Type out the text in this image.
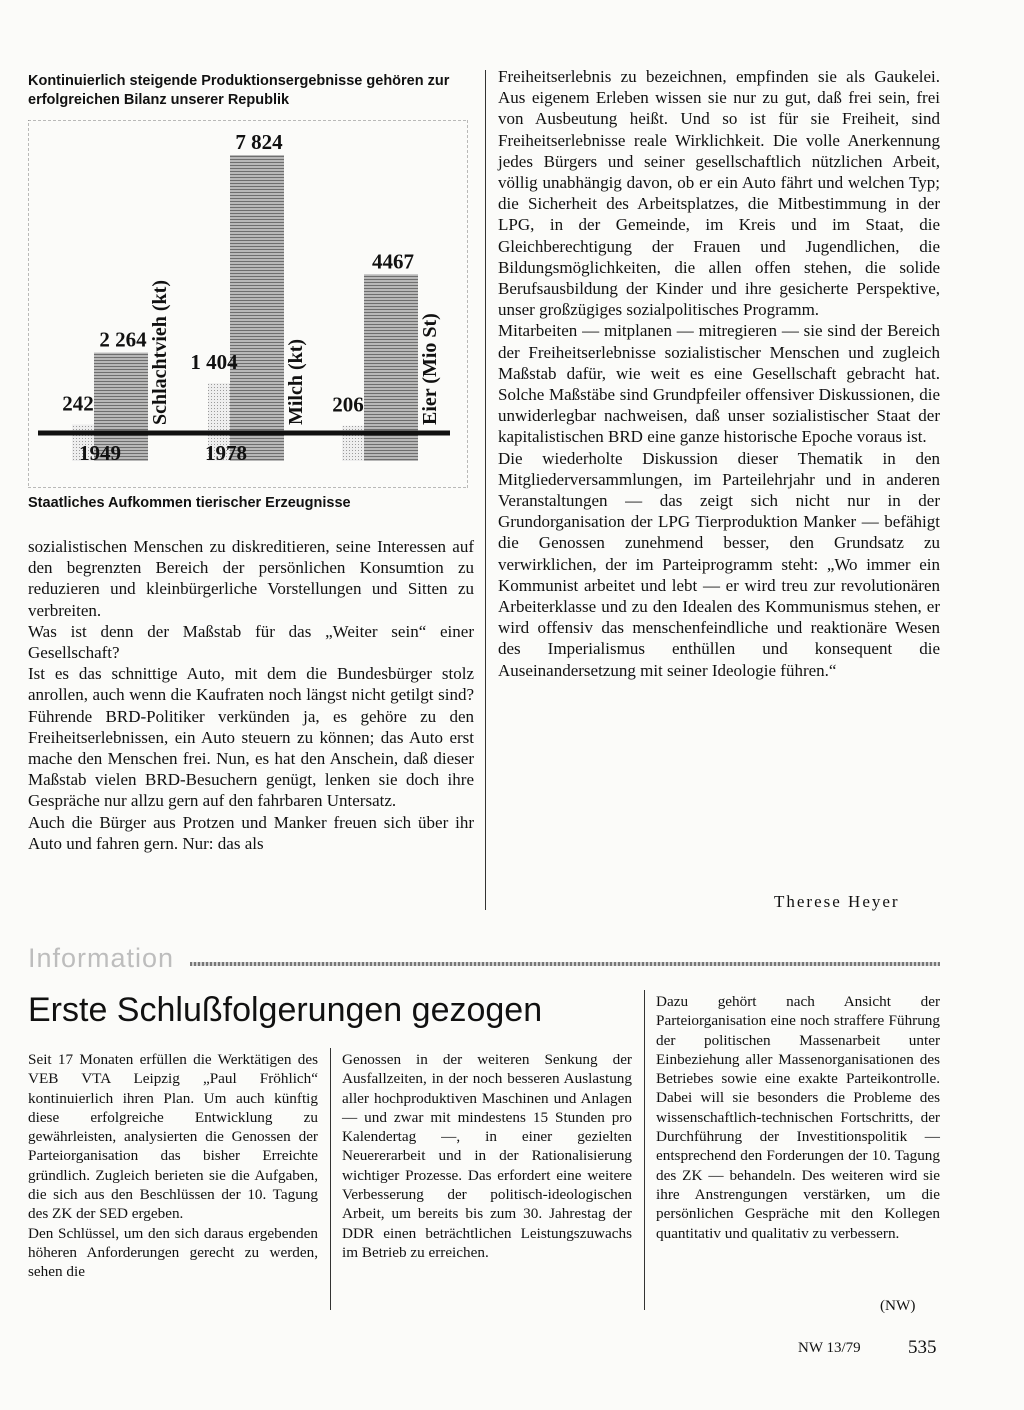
Kontinuierlich steigende Produktionsergebnisse gehören zur erfolgreichen Bilanz unserer Republik

2 264
242	Schlachtvieh (kt)
7 824
1 404 Milch (kt)
4467
206	Eier (Mio St)
1949	1978

Staatliches Aufkommen tierischer Erzeugnisse

sozialistischen Menschen zu diskreditieren, seine Interessen auf den begrenzten Bereich der persönlichen Konsumtion zu reduzieren und kleinbürgerliche Vorstellungen und Sitten zu verbreiten.
Was ist denn der Maßstab für das „Weiter sein“ einer Gesellschaft?
Ist es das schnittige Auto, mit dem die Bundesbürger stolz anrollen, auch wenn die Kaufraten noch längst nicht getilgt sind? Führende BRD-Politiker verkünden ja, es gehöre zu den Freiheitserlebnissen, ein Auto steuern zu können; das Auto erst mache den Menschen frei. Nun, es hat den Anschein, daß dieser Maßstab vielen BRD-Besuchern genügt, lenken sie doch ihre Gespräche nur allzu gern auf den fahrbaren Untersatz.
Auch die Bürger aus Protzen und Manker freuen sich über ihr Auto und fahren gern. Nur: das als

Freiheitserlebnis zu bezeichnen, empfinden sie als Gaukelei. Aus eigenem Erleben wissen sie nur zu gut, daß frei sein, frei von Ausbeutung heißt. Und so ist für sie Freiheit, sind Freiheitserlebnisse reale Wirklichkeit. Die volle Anerkennung jedes Bürgers und seiner gesellschaftlich nützlichen Arbeit, völlig unabhängig davon, ob er ein Auto fährt und welchen Typ; die Sicherheit des Arbeitsplatzes, die Mitbestimmung in der LPG, in der Gemeinde, im Kreis und im Staat, die Gleichberechtigung der Frauen und Jugendlichen, die Bildungsmöglichkeiten, die allen offen stehen, die solide Berufsausbildung der Kinder und ihre gesicherte Perspektive, unser großzügiges sozialpolitisches Programm.
Mitarbeiten — mitplanen — mitregieren — sie sind der Bereich der Freiheitserlebnisse sozialistischer Menschen und zugleich Maßstab dafür, wie weit es eine Gesellschaft gebracht hat. Solche Maßstäbe sind Grundpfeiler offensiver Diskussionen, die unwiderlegbar nachweisen, daß unser sozialistischer Staat der kapitalistischen BRD eine ganze historische Epoche voraus ist.
Die wiederholte Diskussion dieser Thematik in den Mitgliederversammlungen, im Parteilehrjahr und in anderen Veranstaltungen — das zeigt sich nicht nur in der Grundorganisation der LPG Tierproduktion Manker — befähigt die Genossen zunehmend besser, den Grundsatz zu verwirklichen, der im Parteiprogramm steht: „Wo immer ein Kommunist arbeitet und lebt — er wird treu zur revolutionären Arbeiterklasse und zu den Idealen des Kommunismus stehen, er wird offensiv das menschenfeindliche und reaktionäre Wesen des Imperialismus enthüllen und konsequent die Auseinandersetzung mit seiner Ideologie führen.“

Therese Heyer
Information
Erste Schlußfolgerungen gezogen

Seit 17 Monaten erfüllen die Werktätigen des VEB VTA Leipzig „Paul Fröhlich“ kontinuierlich ihren Plan. Um auch künftig diese erfolgreiche Entwicklung zu gewährleisten, analysierten die Genossen der Parteiorganisation das bisher Erreichte gründlich. Zugleich berieten sie die Aufgaben, die sich aus den Beschlüssen der 10. Tagung des ZK der SED ergeben.
Den Schlüssel, um den sich daraus ergebenden höheren Anforderungen gerecht zu werden, sehen die

Genossen in der weiteren Senkung der Ausfallzeiten, in der noch besseren Auslastung aller hochproduktiven Maschinen und Anlagen — und zwar mit mindestens 15 Stunden pro Kalendertag —, in einer gezielten Neuererarbeit und in der Rationalisierung wichtiger Prozesse. Das erfordert eine weitere Verbesserung der politisch-ideologischen Arbeit, um bereits bis zum 30. Jahrestag der DDR einen beträchtlichen Leistungszuwachs im Betrieb zu erreichen.

Dazu gehört nach Ansicht der Parteiorganisation eine noch straffere Führung der politischen Massenarbeit unter Einbeziehung aller Massenorganisationen des Betriebes sowie eine exakte Parteikontrolle. Dabei will sie besonders die Probleme des wissenschaftlich-technischen Fortschritts, der Durchführung der Investitionspolitik — entsprechend den Forderungen der 10. Tagung des ZK — behandeln. Des weiteren wird sie ihre Anstrengungen verstärken, um die persönlichen Gespräche mit den Kollegen quantitativ und qualitativ zu verbessern.

(NW)
NW 13/79 535
